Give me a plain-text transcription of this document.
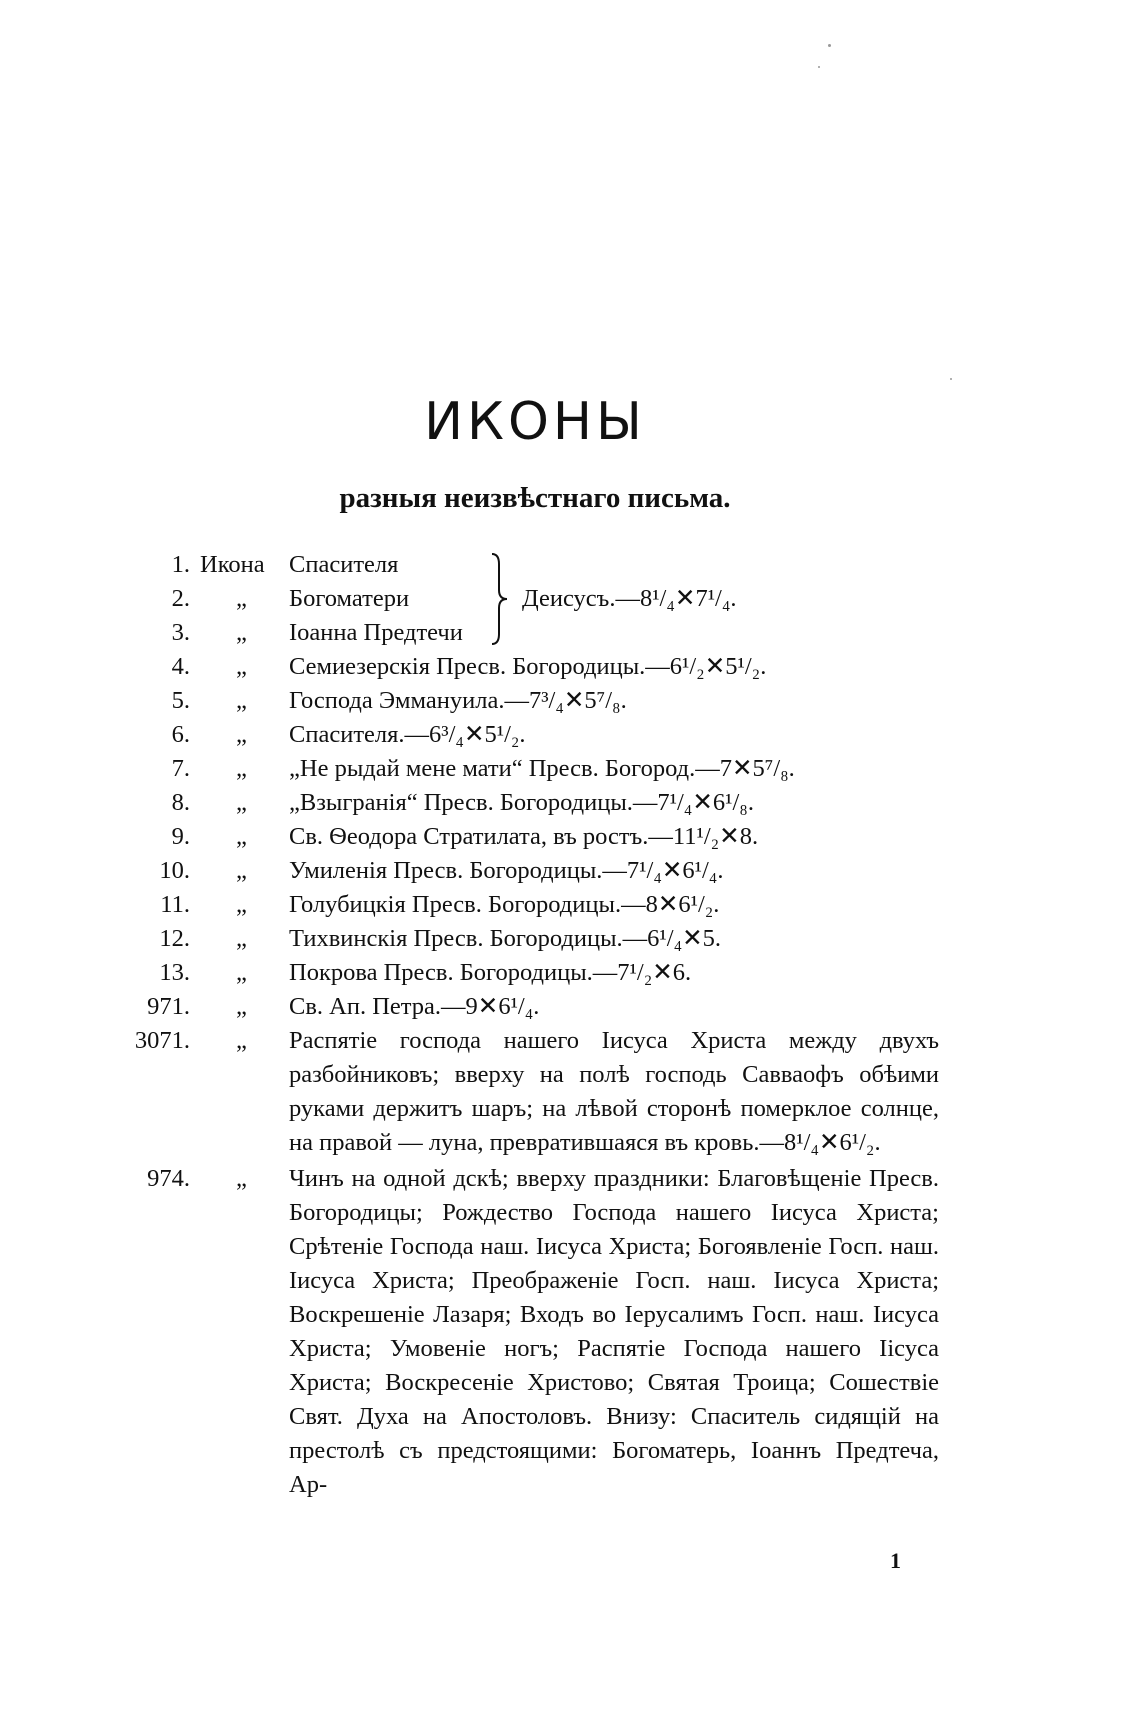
ИКОНЫ
разныя неизвѣстнаго письма.
1. Икона Спасителя
2. „ Богоматери
3. „ Іоанна Предтечи
Деисусъ.—8¹/₄✕7¹/₄.
4. „ Семиезерскія Пресв. Богородицы.—6¹/₂✕5¹/₂.
5. „ Господа Эммануила.—7³/₄✕5⁷/₈.
6. „ Спасителя.—6³/₄✕5¹/₂.
7. „ „Не рыдай мене мати“ Пресв. Богород.—7✕5⁷/₈.
8. „ „Взыгранія“ Пресв. Богородицы.—7¹/₄✕6¹/₈.
9. „ Св. Ѳеодора Стратилата, въ ростъ.—11¹/₂✕8.
10. „ Умиленія Пресв. Богородицы.—7¹/₄✕6¹/₄.
11. „ Голубицкія Пресв. Богородицы.—8✕6¹/₂.
12. „ Тихвинскія Пресв. Богородицы.—6¹/₄✕5.
13. „ Покрова Пресв. Богородицы.—7¹/₂✕6.
971. „ Св. Ап. Петра.—9✕6¹/₄.
3071. „ Распятіе господа нашего Іисуса Христа между двухъ разбойниковъ; вверху на полѣ господь Савваофъ обѣими руками держитъ шаръ; на лѣвой сторонѣ померклое солнце, на правой — луна, превратившаяся въ кровь.—8¹/₄✕6¹/₂.
974. „ Чинъ на одной дскѣ; вверху праздники: Благовѣщеніе Пресв. Богородицы; Рождество Господа нашего Іисуса Христа; Срѣтеніе Господа наш. Іисуса Христа; Богоявленіе Госп. наш. Іисуса Христа; Преображеніе Госп. наш. Іисуса Христа; Воскрешеніе Лазаря; Входъ во Іерусалимъ Госп. наш. Іисуса Христа; Умовеніе ногъ; Распятіе Господа нашего Іісуса Христа; Воскресеніе Христово; Святая Троица; Сошествіе Свят. Духа на Апостоловъ. Внизу: Спаситель сидящій на престолѣ съ предстоящими: Богоматерь, Іоаннъ Предтеча, Ар-
1
